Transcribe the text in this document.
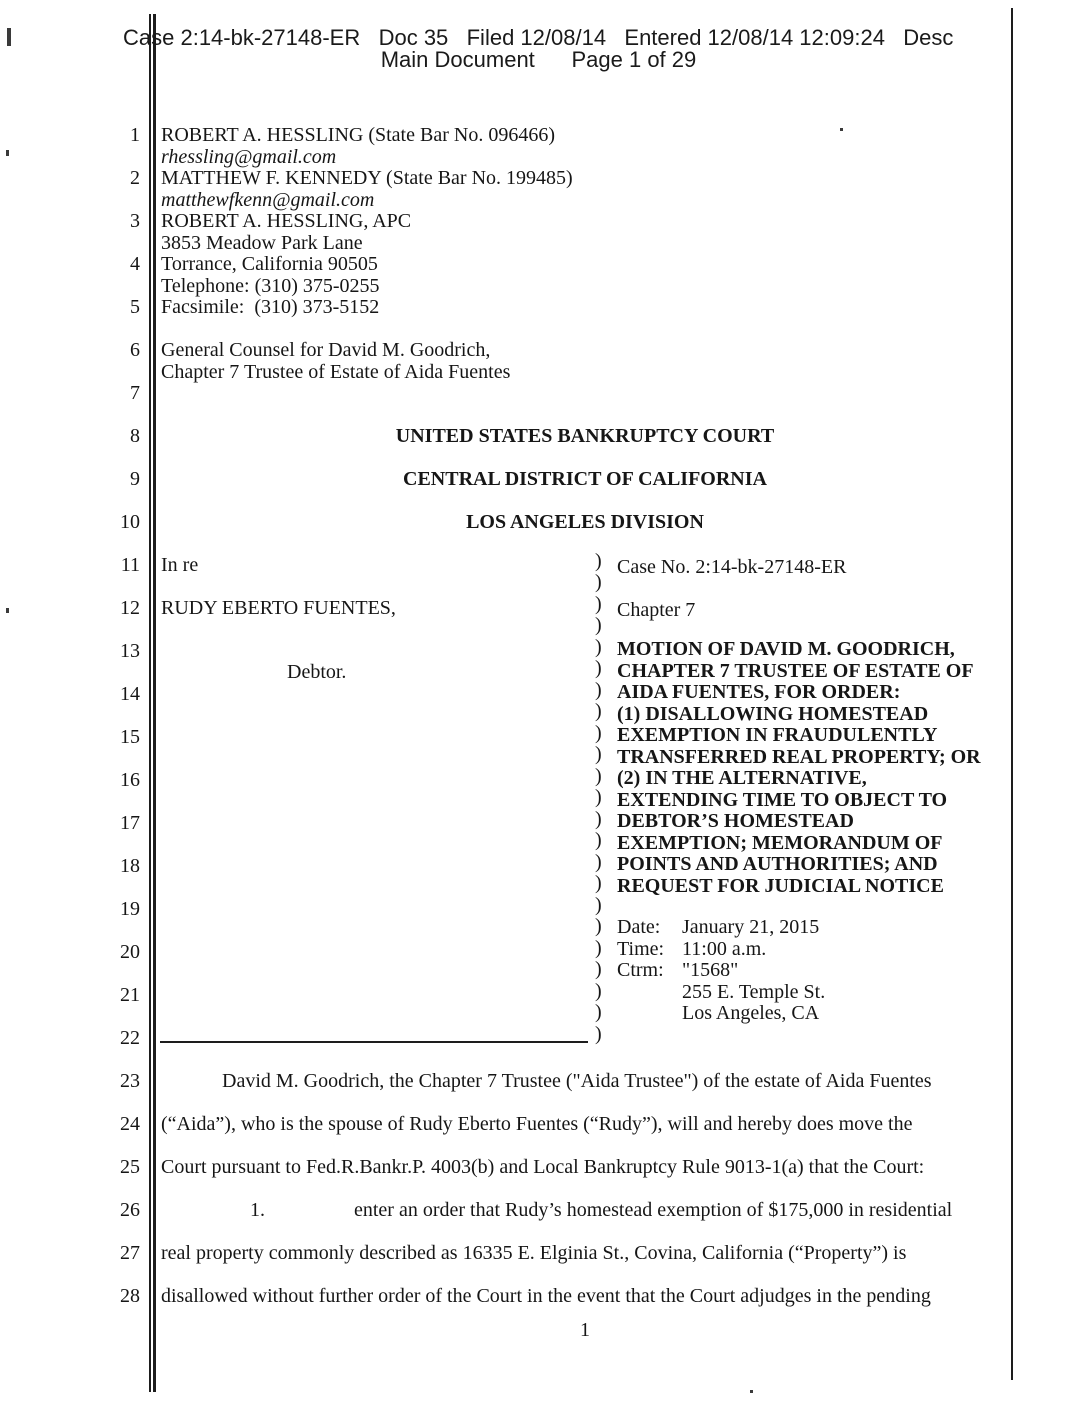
Case 2:14-bk-27148-ER   Doc 35   Filed 12/08/14   Entered 12/08/14 12:09:24   Desc
Main Document      Page 1 of 29
1
2
3
4
5
6
7
8
9
10
11
12
13
14
15
16
17
18
19
20
21
22
23
24
25
26
27
28
ROBERT A. HESSLING (State Bar No. 096466)
rhessling@gmail.com
MATTHEW F. KENNEDY (State Bar No. 199485)
matthewfkenn@gmail.com
ROBERT A. HESSLING, APC
3853 Meadow Park Lane
Torrance, California 90505
Telephone: (310) 375-0255
Facsimile:  (310) 373-5152
General Counsel for David M. Goodrich,
Chapter 7 Trustee of Estate of Aida Fuentes
)
)
)
)
)
)
)
)
)
)
)
)
)
)
)
)
)
)
)
)
)
)
)
MOTION OF DAVID M. GOODRICH,
CHAPTER 7 TRUSTEE OF ESTATE OF
AIDA FUENTES, FOR ORDER:
(1) DISALLOWING HOMESTEAD
EXEMPTION IN FRAUDULENTLY
TRANSFERRED REAL PROPERTY; OR
(2) IN THE ALTERNATIVE,
EXTENDING TIME TO OBJECT TO
DEBTOR’S HOMESTEAD
EXEMPTION; MEMORANDUM OF
POINTS AND AUTHORITIES; AND
REQUEST FOR JUDICIAL NOTICE
David M. Goodrich, the Chapter 7 Trustee ("Aida Trustee") of the estate of Aida Fuentes
(“Aida”), who is the spouse of Rudy Eberto Fuentes (“Rudy”), will and hereby does move the
Court pursuant to Fed.R.Bankr.P. 4003(b) and Local Bankruptcy Rule 9013-1(a) that the Court:
1.	enter an order that Rudy’s homestead exemption of $175,000 in residential
real property commonly described as 16335 E. Elginia St., Covina, California (“Property”) is
disallowed without further order of the Court in the event that the Court adjudges in the pending
UNITED STATES BANKRUPTCY COURT
CENTRAL DISTRICT OF CALIFORNIA
LOS ANGELES DIVISION
In re
RUDY EBERTO FUENTES,
Debtor.
Case No. 2:14-bk-27148-ER
Chapter 7
Date: January 21, 2015
Time: 11:00 a.m.
Ctrm: "1568"
255 E. Temple St.
Los Angeles, CA
1
